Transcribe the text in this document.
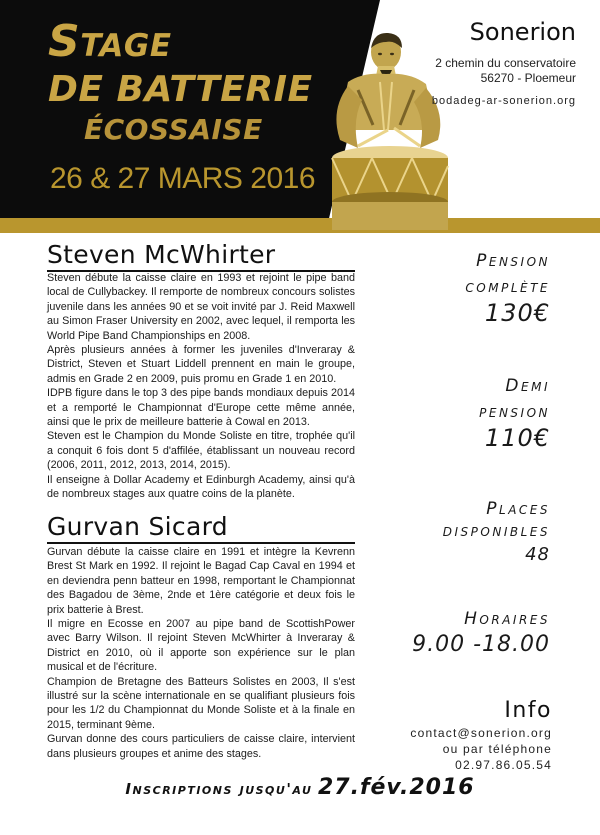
Stage
DE BATTERIE
ÉCOSSAISE
26 & 27 MARS 2016
Sonerion
2 chemin du conservatoire
56270 - Ploemeur
bodadeg-ar-sonerion.org
Steven McWhirter

Steven débute la caisse claire en 1993 et rejoint le pipe band local de Cullybackey. Il remporte de nombreux concours solistes juvenile dans les années 90 et se voit invité par J. Reid Maxwell au Simon Fraser University en 2002, avec lequel, il remporta les World Pipe Band Championships en 2008.

Après plusieurs années à former les juveniles d'Inveraray & District, Steven et Stuart Liddell prennent en main le groupe, admis en Grade 2 en 2009, puis promu en Grade 1 en 2010.

IDPB figure dans le top 3 des pipe bands mondiaux depuis 2014 et a remporté le Championnat d'Europe cette même année, ainsi que le prix de meilleure batterie à Cowal en 2013.

Steven est le Champion du Monde Soliste en titre, trophée qu'il a conquit 6 fois dont 5 d'affilée, établissant un nouveau record (2006, 2011, 2012, 2013, 2014, 2015).

Il enseigne à Dollar Academy et Edinburgh Academy, ainsi qu'à de nombreux stages aux quatre coins de la planète.

Gurvan Sicard

Gurvan débute la caisse claire en 1991 et intègre la Kevrenn Brest St Mark en 1992. Il rejoint le Bagad Cap Caval en 1994 et en deviendra penn batteur en 1998, remportant le Championnat des Bagadou de 3ème, 2nde et 1ère catégorie et deux fois le prix batterie à Brest.

Il migre en Ecosse en 2007 au pipe band de ScottishPower avec Barry Wilson. Il rejoint Steven McWhirter à Inveraray & District en 2010, où il apporte son expérience sur le plan musical et de l'écriture.

Champion de Bretagne des Batteurs Solistes en 2003, Il s'est illustré sur la scène internationale en se qualifiant plusieurs fois pour les 1/2 du Championnat du Monde Soliste et à la finale en 2015, terminant 9ème.

Gurvan donne des cours particuliers de caisse claire, intervient dans plusieurs groupes et anime des stages.

Pension
complète
130€
Demi
pension
110€
Places
disponibles
48
Horaires
9.00 -18.00
Info
contact@sonerion.org
ou par téléphone
02.97.86.05.54
Inscriptions jusqu'au 27.fév.2016
